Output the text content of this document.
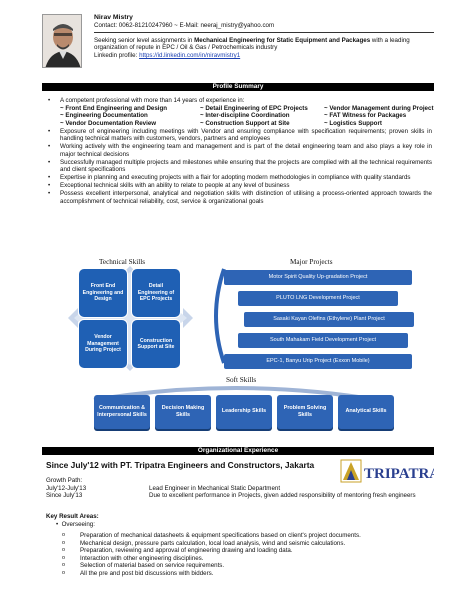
Nirav Mistry
Contact: 0062-81210247960 ~ E-Mail: neeraj_mistry@yahoo.com
Seeking senior level assignments in Mechanical Engineering for Static Equipment and Packages with a leading organization of repute in EPC / Oil & Gas / Petrochemicals industry
Linkedin profile: https://id.linkedin.com/in/niravmistry1
Profile Summary
• A competent professional with more than 14 years of experience in:
~ Front End Engineering and Design	~ Detail Engineering of EPC Projects	~ Vendor Management during Project
~ Engineering Documentation	~ Inter-discipline Coordination	~ FAT Witness for Packages
~ Vendor Documentation Review	~ Construction Support at Site	~ Logistics Support
• Exposure of engineering including meetings with Vendor and ensuring compliance with specification requirements; proven skills in handling technical matters with customers, vendors, partners and employees
• Working actively with the engineering team and management and is part of the detail engineering team and also plays a key role in major technical decisions
• Successfully managed multiple projects and milestones while ensuring that the projects are complied with all the technical requirements and client specifications
• Expertise in planning and executing projects with a flair for adopting modern methodologies in compliance with quality standards
• Exceptional technical skills with an ability to relate to people at any level of business
• Possess excellent interpersonal, analytical and negotiation skills with distinction of utilising a process-oriented approach towards the accomplishment of technical reliability, cost, service & organizational goals
Technical Skills
Front End Engineering and Design
Detail Engineering of EPC Projects
Vendor Management During Project
Construction Support at Site
Major Projects
Motor Spirit Quality Up-gradation Project
PLUTO LNG Development Project
Sasaki Kayan Olefins (Ethylene) Plant Project
South Mahakam Field Development Project
EPC-1, Banyu Urip Project (Exxon Mobile)
Soft Skills
Communication & Interpersonal Skills
Decision Making Skills
Leadership Skills
Problem Solving Skills
Analytical Skills
Organizational Experience
Since July'12 with PT. Tripatra Engineers and Constructors, Jakarta
TRIPATRA
Growth Path:
July'12-July'13	Lead Engineer in Mechanical Static Department
Since July'13	Due to excellent performance in Projects, given added responsibility of mentoring fresh engineers
Key Result Areas:
•  Overseeing:
o Preparation of mechanical datasheets & equipment specifications based on client's project documents.
o Mechanical design, pressure parts calculation, local load analysis, wind and seismic calculations.
o Preparation, reviewing and approval of engineering drawing and loading data.
o Interaction with other engineering disciplines.
o Selection of material based on service requirements.
o All the pre and post bid discussions with bidders.
